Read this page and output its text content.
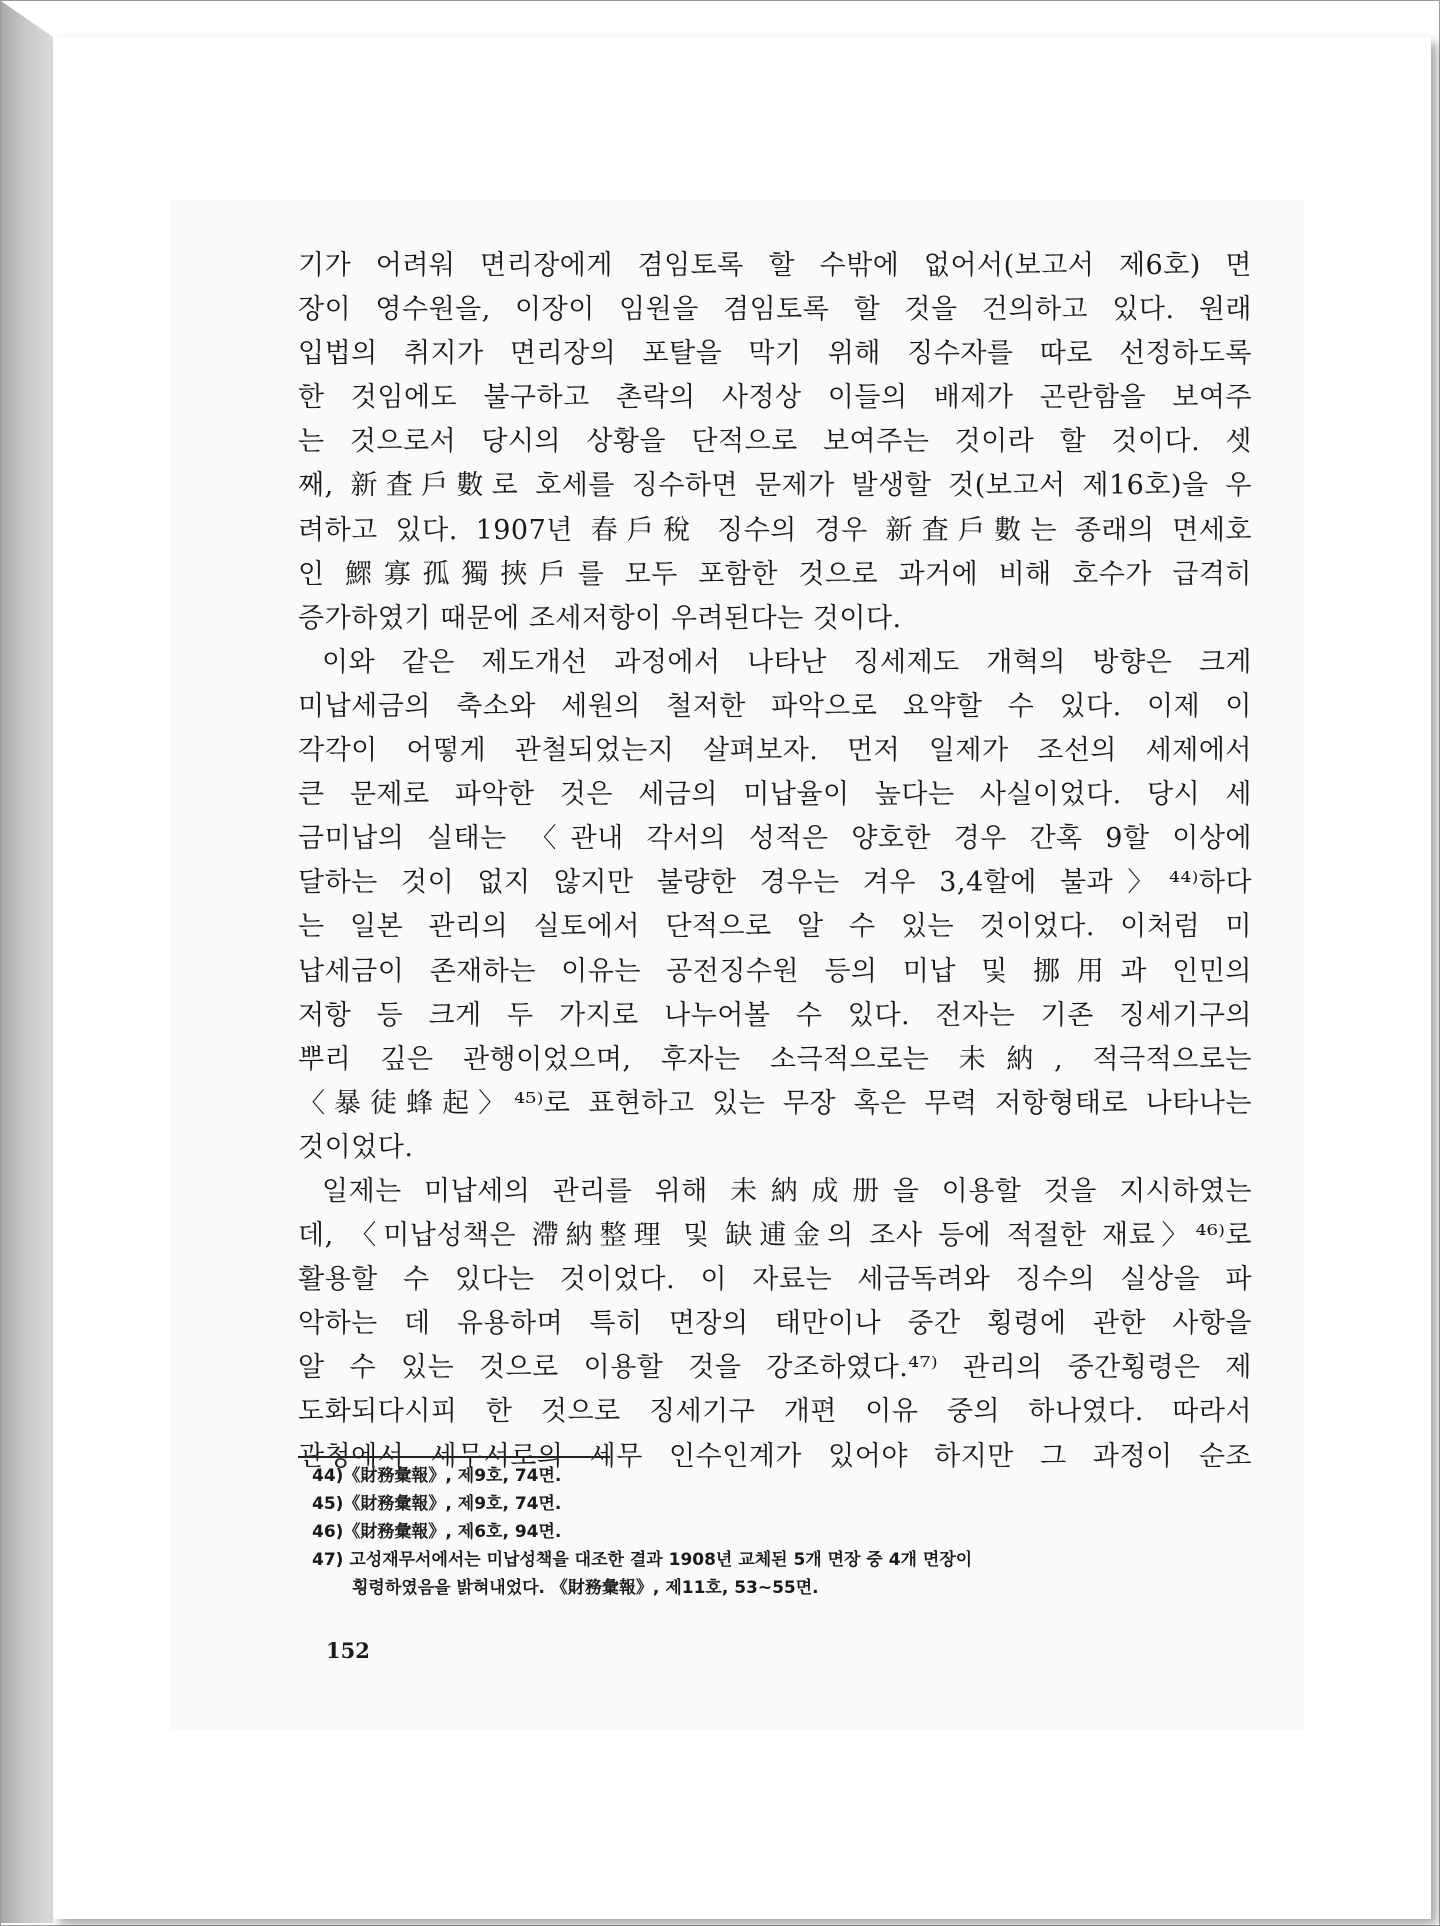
기가 어려워 면리장에게 겸임토록 할 수밖에 없어서(보고서 제6호) 면
장이 영수원을, 이장이 임원을 겸임토록 할 것을 건의하고 있다. 원래
입법의 취지가 면리장의 포탈을 막기 위해 징수자를 따로 선정하도록
한 것임에도 불구하고 촌락의 사정상 이들의 배제가 곤란함을 보여주
는 것으로서 당시의 상황을 단적으로 보여주는 것이라 할 것이다. 셋
째, 新査戶數로 호세를 징수하면 문제가 발생할 것(보고서 제16호)을 우
려하고 있다. 1907년 春戶稅 징수의 경우 新査戶數는 종래의 면세호
인 鰥寡孤獨挾戶를 모두 포함한 것으로 과거에 비해 호수가 급격히
증가하였기 때문에 조세저항이 우려된다는 것이다.
이와 같은 제도개선 과정에서 나타난 징세제도 개혁의 방향은 크게
미납세금의 축소와 세원의 철저한 파악으로 요약할 수 있다. 이제 이
각각이 어떻게 관철되었는지 살펴보자. 먼저 일제가 조선의 세제에서
큰 문제로 파악한 것은 세금의 미납율이 높다는 사실이었다. 당시 세
금미납의 실태는 〈관내 각서의 성적은 양호한 경우 간혹 9할 이상에
달하는 것이 없지 않지만 불량한 경우는 겨우 3,4할에 불과〉⁴⁴⁾하다
는 일본 관리의 실토에서 단적으로 알 수 있는 것이었다. 이처럼 미
납세금이 존재하는 이유는 공전징수원 등의 미납 및 挪用과 인민의
저항 등 크게 두 가지로 나누어볼 수 있다. 전자는 기존 징세기구의
뿌리 깊은 관행이었으며, 후자는 소극적으로는 未納, 적극적으로는
〈暴徒蜂起〉⁴⁵⁾로 표현하고 있는 무장 혹은 무력 저항형태로 나타나는
것이었다.
일제는 미납세의 관리를 위해 未納成册을 이용할 것을 지시하였는
데, 〈미납성책은 滯納整理 및 缺逋金의 조사 등에 적절한 재료〉⁴⁶⁾로
활용할 수 있다는 것이었다. 이 자료는 세금독려와 징수의 실상을 파
악하는 데 유용하며 특히 면장의 태만이나 중간 횡령에 관한 사항을
알 수 있는 것으로 이용할 것을 강조하였다.⁴⁷⁾ 관리의 중간횡령은 제
도화되다시피 한 것으로 징세기구 개편 이유 중의 하나였다. 따라서
관청에서 세무서로의 세무 인수인계가 있어야 하지만 그 과정이 순조
44)《財務彙報》, 제9호, 74면.
45)《財務彙報》, 제9호, 74면.
46)《財務彙報》, 제6호, 94면.
47) 고성재무서에서는 미납성책을 대조한 결과 1908년 교체된 5개 면장 중 4개 면장이
횡령하였음을 밝혀내었다. 《財務彙報》, 제11호, 53~55면.
152
